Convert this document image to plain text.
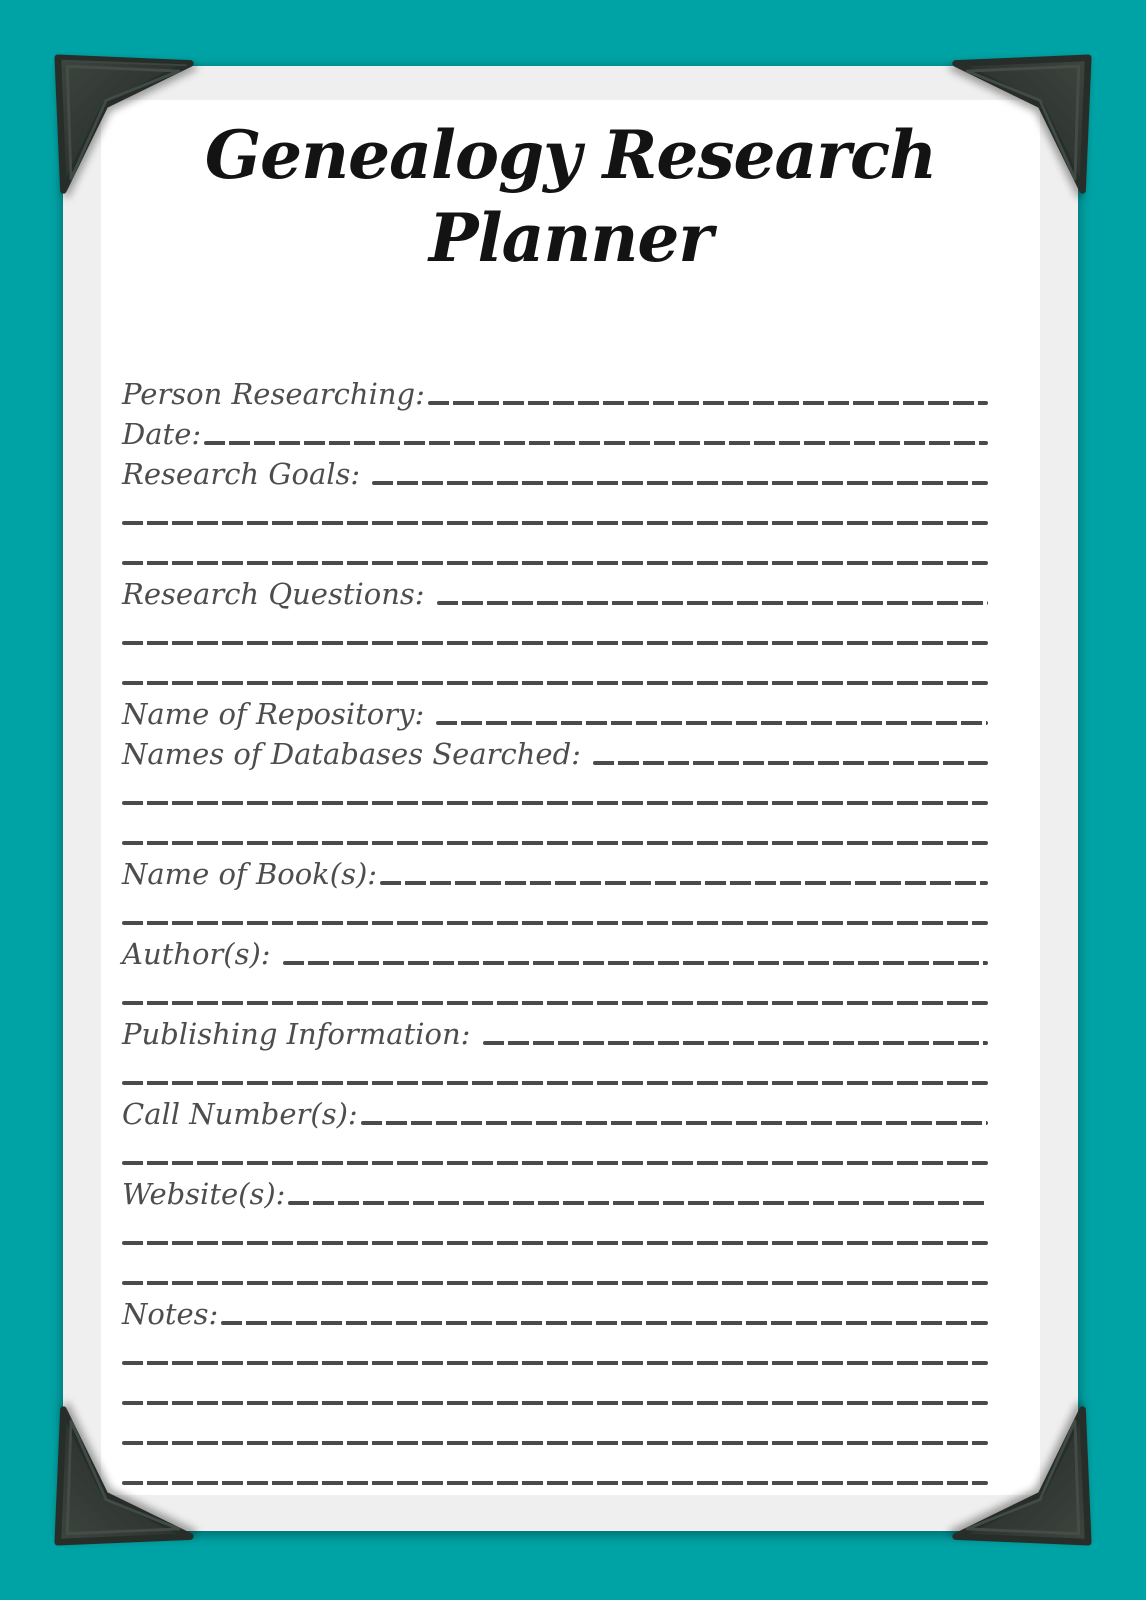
Genealogy Research Planner
Person Researching:
Date:
Research Goals:
Research Questions:
Name of Repository:
Names of Databases Searched:
Name of Book(s):
Author(s):
Publishing Information:
Call Number(s):
Website(s):
Notes:
